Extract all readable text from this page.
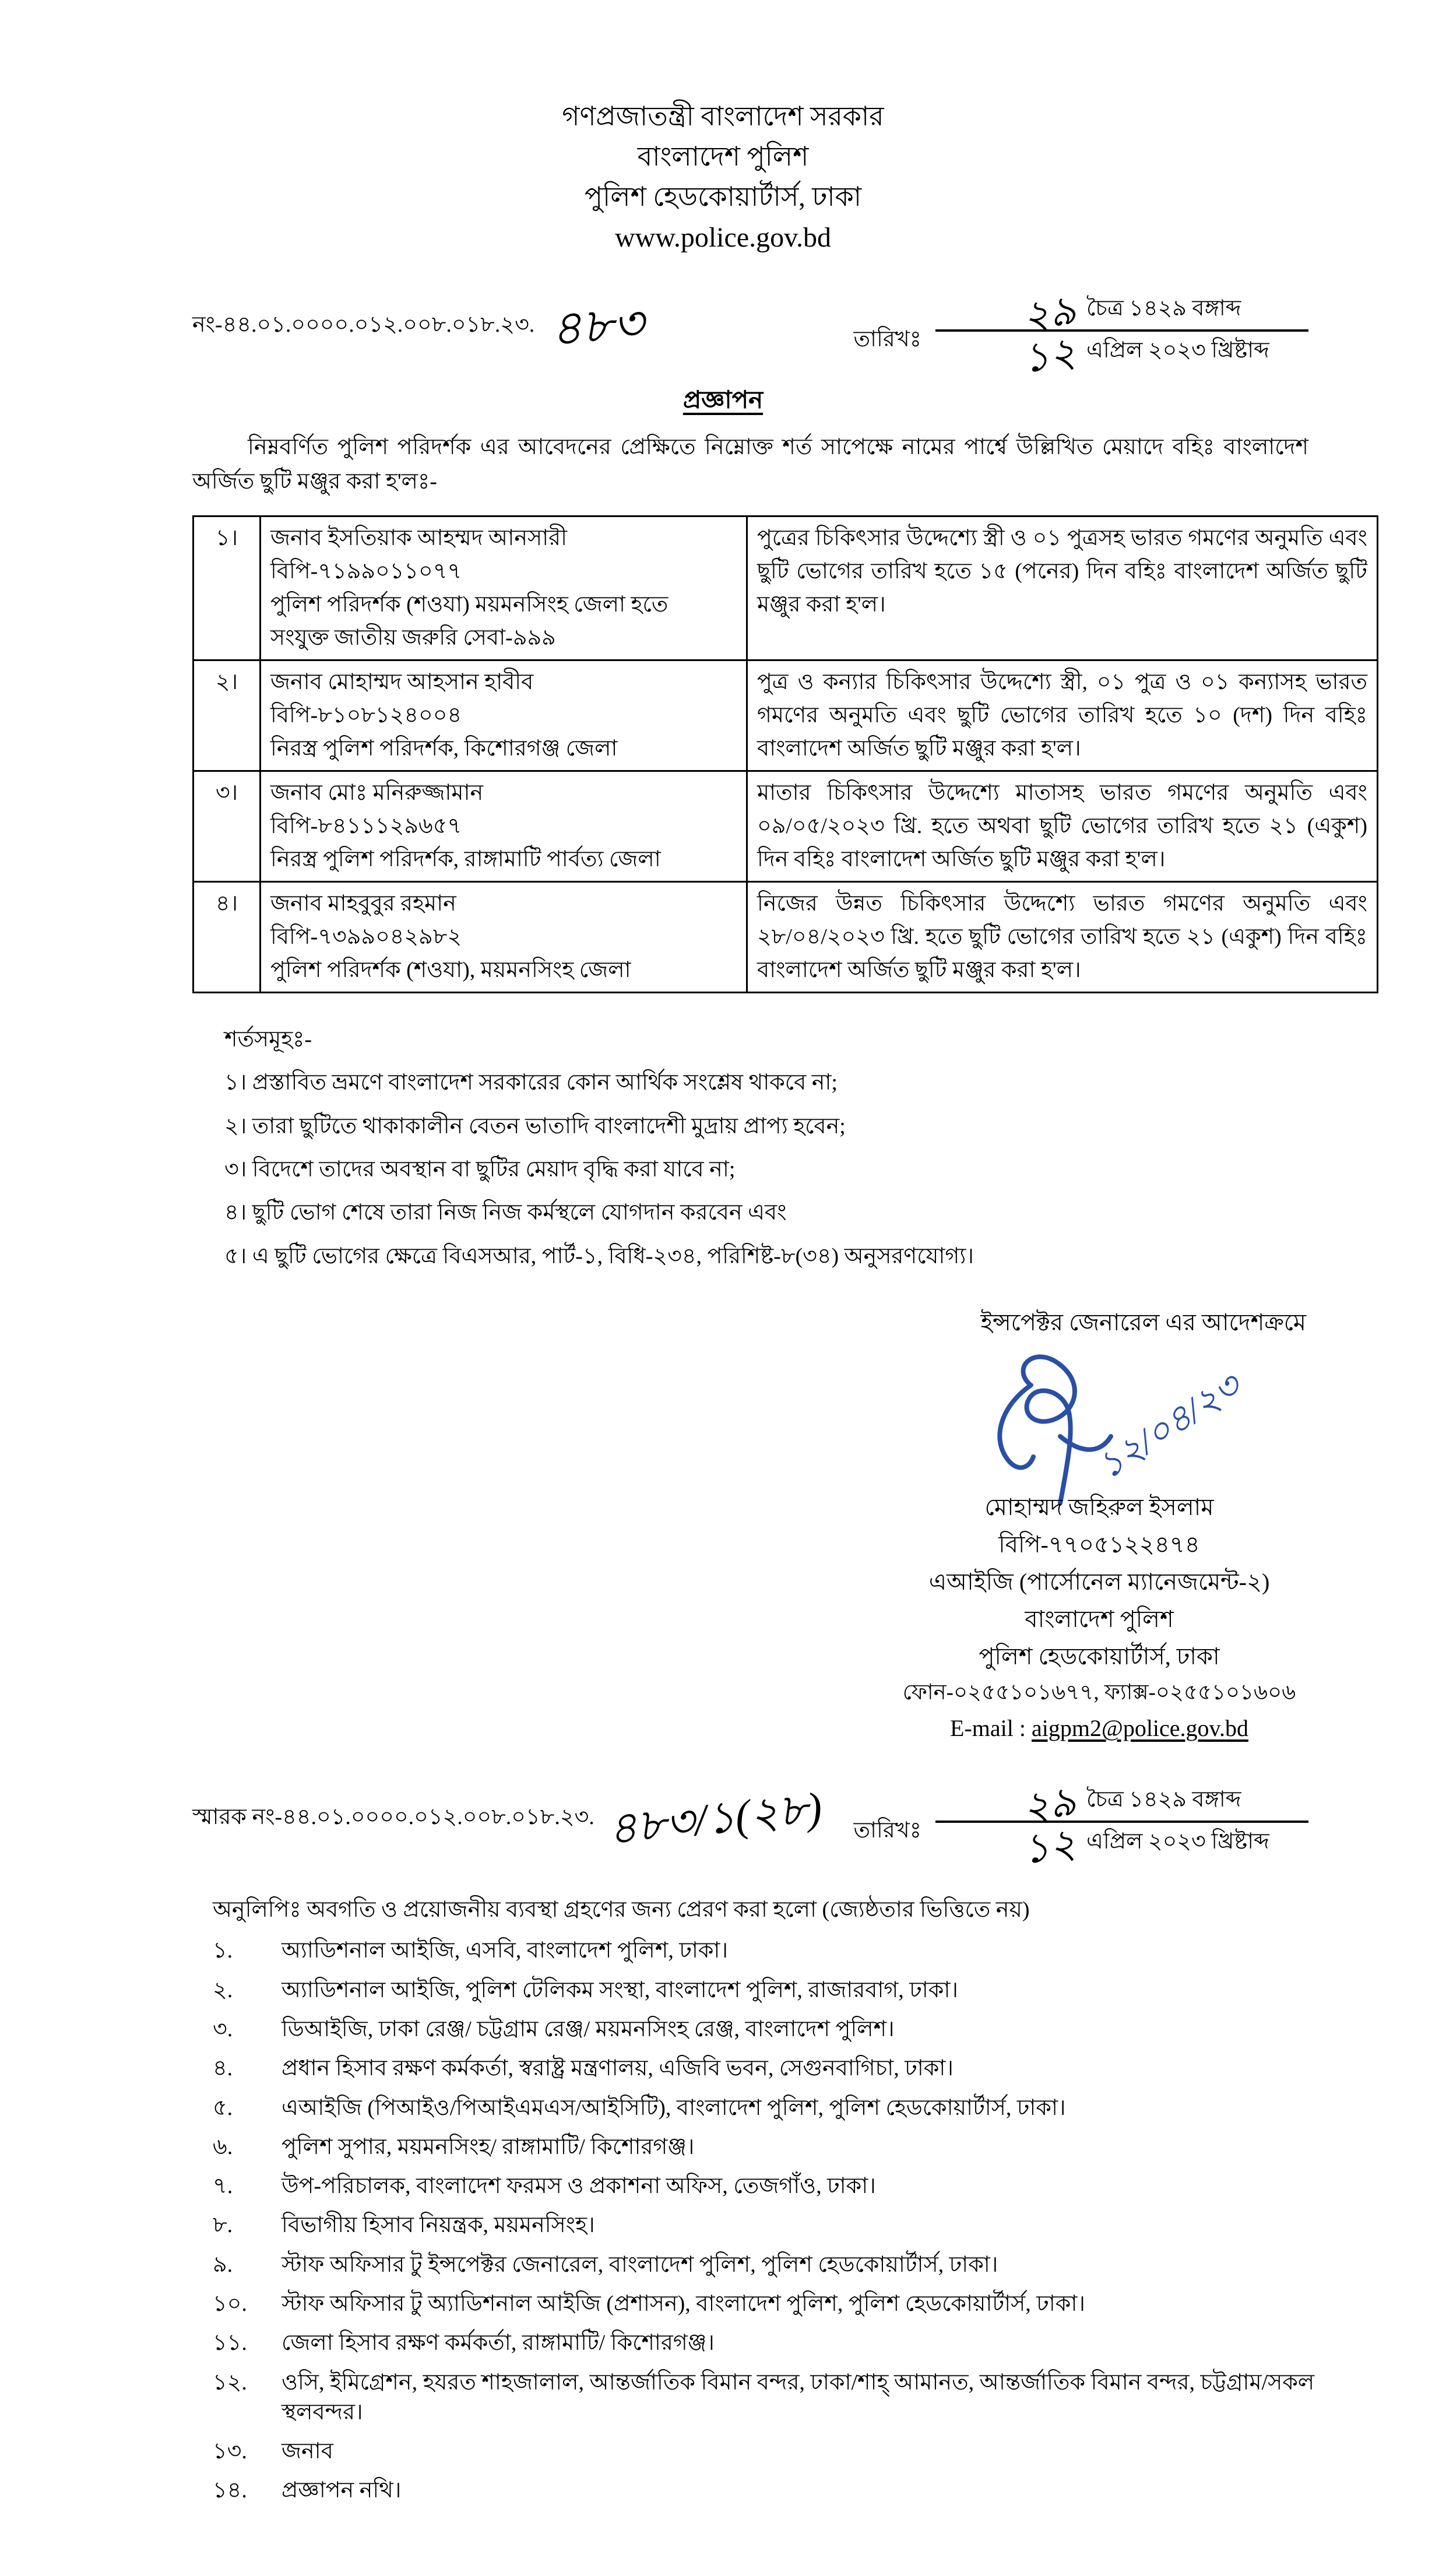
গণপ্রজাতন্ত্রী বাংলাদেশ সরকার
বাংলাদেশ পুলিশ
পুলিশ হেডকোয়ার্টার্স, ঢাকা
www.police.gov.bd
নং-৪৪.০১.০০০০.০১২.০০৮.০১৮.২৩. ৪৮৩	তারিখঃ $\frac{\text{২৯ চৈত্র ১৪২৯ বঙ্গাব্দ}}{\text{১২ এপ্রিল ২০২৩ খ্রিষ্টাব্দ}}$
প্রজ্ঞাপন
নিম্নবর্ণিত পুলিশ পরিদর্শক এর আবেদনের প্রেক্ষিতে নিম্নোক্ত শর্ত সাপেক্ষে নামের পার্শ্বে উল্লিখিত মেয়াদে বহিঃ বাংলাদেশ অর্জিত ছুটি মঞ্জুর করা হ'লঃ-
১।	জনাব ইসতিয়াক আহম্মদ আনসারী
বিপি-৭১৯৯০১১০৭৭
পুলিশ পরিদর্শক (শওযা) ময়মনসিংহ জেলা হতে
সংযুক্ত জাতীয় জরুরি সেবা-৯৯৯	পুত্রের চিকিৎসার উদ্দেশ্যে স্ত্রী ও ০১ পুত্রসহ ভারত গমণের অনুমতি এবং ছুটি ভোগের তারিখ হতে ১৫ (পনের) দিন বহিঃ বাংলাদেশ অর্জিত ছুটি মঞ্জুর করা হ'ল।
২।	জনাব মোহাম্মদ আহসান হাবীব
বিপি-৮১০৮১২৪০০৪
নিরস্ত্র পুলিশ পরিদর্শক, কিশোরগঞ্জ জেলা	পুত্র ও কন্যার চিকিৎসার উদ্দেশ্যে স্ত্রী, ০১ পুত্র ও ০১ কন্যাসহ ভারত গমণের অনুমতি এবং ছুটি ভোগের তারিখ হতে ১০ (দশ) দিন বহিঃ বাংলাদেশ অর্জিত ছুটি মঞ্জুর করা হ'ল।
৩।	জনাব মোঃ মনিরুজ্জামান
বিপি-৮৪১১১২৯৬৫৭
নিরস্ত্র পুলিশ পরিদর্শক, রাঙ্গামাটি পার্বত্য জেলা	মাতার চিকিৎসার উদ্দেশ্যে মাতাসহ ভারত গমণের অনুমতি এবং ০৯/০৫/২০২৩ খ্রি. হতে অথবা ছুটি ভোগের তারিখ হতে ২১ (একুশ) দিন বহিঃ বাংলাদেশ অর্জিত ছুটি মঞ্জুর করা হ'ল।
৪।	জনাব মাহবুবুর রহমান
বিপি-৭৩৯৯০৪২৯৮২
পুলিশ পরিদর্শক (শওযা), ময়মনসিংহ জেলা	নিজের উন্নত চিকিৎসার উদ্দেশ্যে ভারত গমণের অনুমতি এবং ২৮/০৪/২০২৩ খ্রি. হতে ছুটি ভোগের তারিখ হতে ২১ (একুশ) দিন বহিঃ বাংলাদেশ অর্জিত ছুটি মঞ্জুর করা হ'ল।
শর্তসমূহঃ-
১। প্রস্তাবিত ভ্রমণে বাংলাদেশ সরকারের কোন আর্থিক সংশ্লেষ থাকবে না;
২। তারা ছুটিতে থাকাকালীন বেতন ভাতাদি বাংলাদেশী মুদ্রায় প্রাপ্য হবেন;
৩। বিদেশে তাদের অবস্থান বা ছুটির মেয়াদ বৃদ্ধি করা যাবে না;
৪। ছুটি ভোগ শেষে তারা নিজ নিজ কর্মস্থলে যোগদান করবেন এবং
৫। এ ছুটি ভোগের ক্ষেত্রে বিএসআর, পার্ট-১, বিধি-২৩৪, পরিশিষ্ট-৮(৩৪) অনুসরণযোগ্য।
ইন্সপেক্টর জেনারেল এর আদেশক্রমে
১২/০৪/২৩
মোহাম্মদ জহিরুল ইসলাম
বিপি-৭৭০৫১২২৪৭৪
এআইজি (পার্সোনেল ম্যানেজমেন্ট-২)
বাংলাদেশ পুলিশ
পুলিশ হেডকোয়ার্টার্স, ঢাকা
ফোন-০২৫৫১০১৬৭৭, ফ্যাক্স-০২৫৫১০১৬০৬
E-mail : aigpm2@police.gov.bd
স্মারক নং-৪৪.০১.০০০০.০১২.০০৮.০১৮.২৩. ৪৮৩/১(২৮) তারিখঃ $\frac{\text{২৯ চৈত্র ১৪২৯ বঙ্গাব্দ}}{\text{১২ এপ্রিল ২০২৩ খ্রিষ্টাব্দ}}$
অনুলিপিঃ অবগতি ও প্রয়োজনীয় ব্যবস্থা গ্রহণের জন্য প্রেরণ করা হলো (জ্যেষ্ঠতার ভিত্তিতে নয়)
১.	অ্যাডিশনাল আইজি, এসবি, বাংলাদেশ পুলিশ, ঢাকা।
২.	অ্যাডিশনাল আইজি, পুলিশ টেলিকম সংস্থা, বাংলাদেশ পুলিশ, রাজারবাগ, ঢাকা।
৩.	ডিআইজি, ঢাকা রেঞ্জ/ চট্টগ্রাম রেঞ্জ/ ময়মনসিংহ রেঞ্জ, বাংলাদেশ পুলিশ।
৪.	প্রধান হিসাব রক্ষণ কর্মকর্তা, স্বরাষ্ট্র মন্ত্রণালয়, এজিবি ভবন, সেগুনবাগিচা, ঢাকা।
৫.	এআইজি (পিআইও/পিআইএমএস/আইসিটি), বাংলাদেশ পুলিশ, পুলিশ হেডকোয়ার্টার্স, ঢাকা।
৬.	পুলিশ সুপার, ময়মনসিংহ/ রাঙ্গামাটি/ কিশোরগঞ্জ।
৭.	উপ-পরিচালক, বাংলাদেশ ফরমস ও প্রকাশনা অফিস, তেজগাঁও, ঢাকা।
৮.	বিভাগীয় হিসাব নিয়ন্ত্রক, ময়মনসিংহ।
৯.	স্টাফ অফিসার টু ইন্সপেক্টর জেনারেল, বাংলাদেশ পুলিশ, পুলিশ হেডকোয়ার্টার্স, ঢাকা।
১০.	স্টাফ অফিসার টু অ্যাডিশনাল আইজি (প্রশাসন), বাংলাদেশ পুলিশ, পুলিশ হেডকোয়ার্টার্স, ঢাকা।
১১.	জেলা হিসাব রক্ষণ কর্মকর্তা, রাঙ্গামাটি/ কিশোরগঞ্জ।
১২.	ওসি, ইমিগ্রেশন, হযরত শাহজালাল, আন্তর্জাতিক বিমান বন্দর, ঢাকা/শাহ্ আমানত, আন্তর্জাতিক বিমান বন্দর, চট্টগ্রাম/সকল স্থলবন্দর।
১৩.	জনাব
১৪.	প্রজ্ঞাপন নথি।
